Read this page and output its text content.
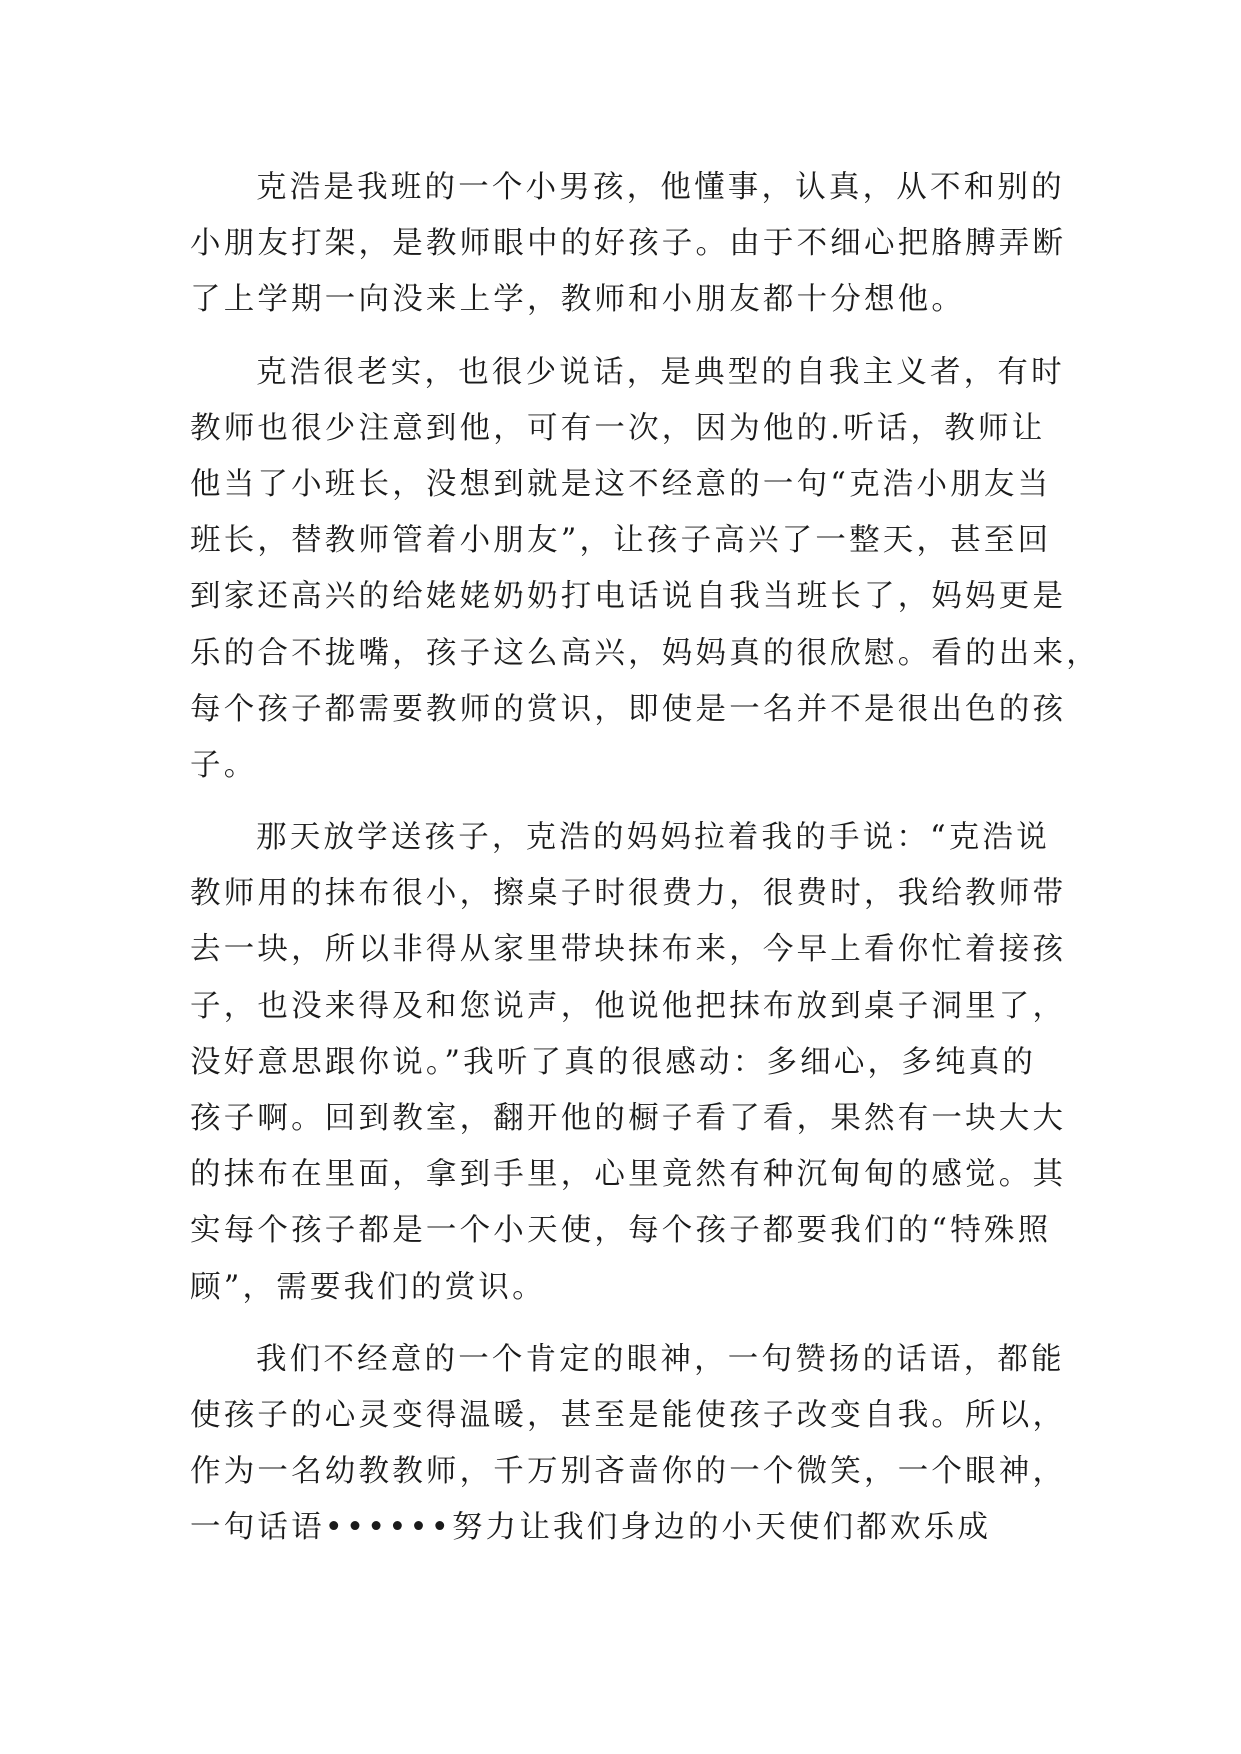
克浩是我班的一个小男孩，他懂事，认真，从不和别的
小朋友打架，是教师眼中的好孩子。由于不细心把胳膊弄断
了上学期一向没来上学，教师和小朋友都十分想他。
克浩很老实，也很少说话，是典型的自我主义者，有时
教师也很少注意到他，可有一次，因为他的.听话，教师让
他当了小班长，没想到就是这不经意的一句“克浩小朋友当
班长，替教师管着小朋友”，让孩子高兴了一整天，甚至回
到家还高兴的给姥姥奶奶打电话说自我当班长了，妈妈更是
乐的合不拢嘴，孩子这么高兴，妈妈真的很欣慰。看的出来，
每个孩子都需要教师的赏识，即使是一名并不是很出色的孩
子。
那天放学送孩子，克浩的妈妈拉着我的手说：“克浩说
教师用的抹布很小，擦桌子时很费力，很费时，我给教师带
去一块，所以非得从家里带块抹布来，今早上看你忙着接孩
子，也没来得及和您说声，他说他把抹布放到桌子洞里了，
没好意思跟你说。”我听了真的很感动：多细心，多纯真的
孩子啊。回到教室，翻开他的橱子看了看，果然有一块大大
的抹布在里面，拿到手里，心里竟然有种沉甸甸的感觉。其
实每个孩子都是一个小天使，每个孩子都要我们的“特殊照
顾”，需要我们的赏识。
我们不经意的一个肯定的眼神，一句赞扬的话语，都能
使孩子的心灵变得温暖，甚至是能使孩子改变自我。所以，
作为一名幼教教师，千万别吝啬你的一个微笑，一个眼神，
一句话语••••••努力让我们身边的小天使们都欢乐成
